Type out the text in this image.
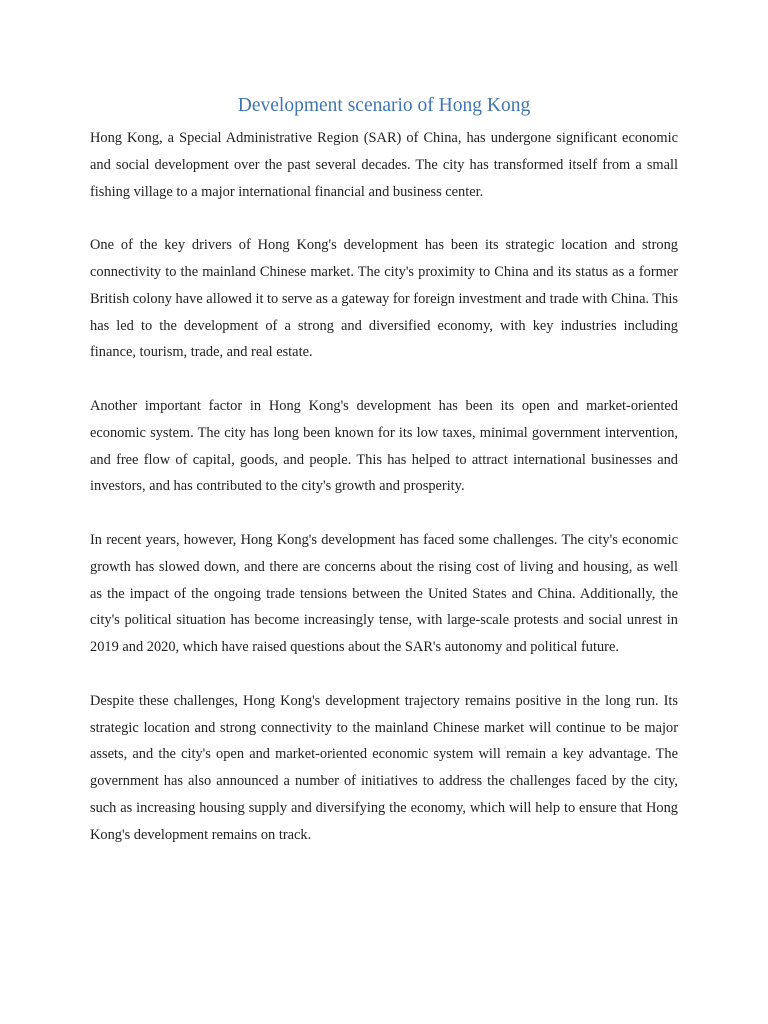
Development scenario of Hong Kong

Hong Kong, a Special Administrative Region (SAR) of China, has undergone significant economic and social development over the past several decades. The city has transformed itself from a small fishing village to a major international financial and business center.

One of the key drivers of Hong Kong's development has been its strategic location and strong connectivity to the mainland Chinese market. The city's proximity to China and its status as a former British colony have allowed it to serve as a gateway for foreign investment and trade with China. This has led to the development of a strong and diversified economy, with key industries including finance, tourism, trade, and real estate.

Another important factor in Hong Kong's development has been its open and market-oriented economic system. The city has long been known for its low taxes, minimal government intervention, and free flow of capital, goods, and people. This has helped to attract international businesses and investors, and has contributed to the city's growth and prosperity.

In recent years, however, Hong Kong's development has faced some challenges. The city's economic growth has slowed down, and there are concerns about the rising cost of living and housing, as well as the impact of the ongoing trade tensions between the United States and China. Additionally, the city's political situation has become increasingly tense, with large-scale protests and social unrest in 2019 and 2020, which have raised questions about the SAR's autonomy and political future.

Despite these challenges, Hong Kong's development trajectory remains positive in the long run. Its strategic location and strong connectivity to the mainland Chinese market will continue to be major assets, and the city's open and market-oriented economic system will remain a key advantage. The government has also announced a number of initiatives to address the challenges faced by the city, such as increasing housing supply and diversifying the economy, which will help to ensure that Hong Kong's development remains on track.
